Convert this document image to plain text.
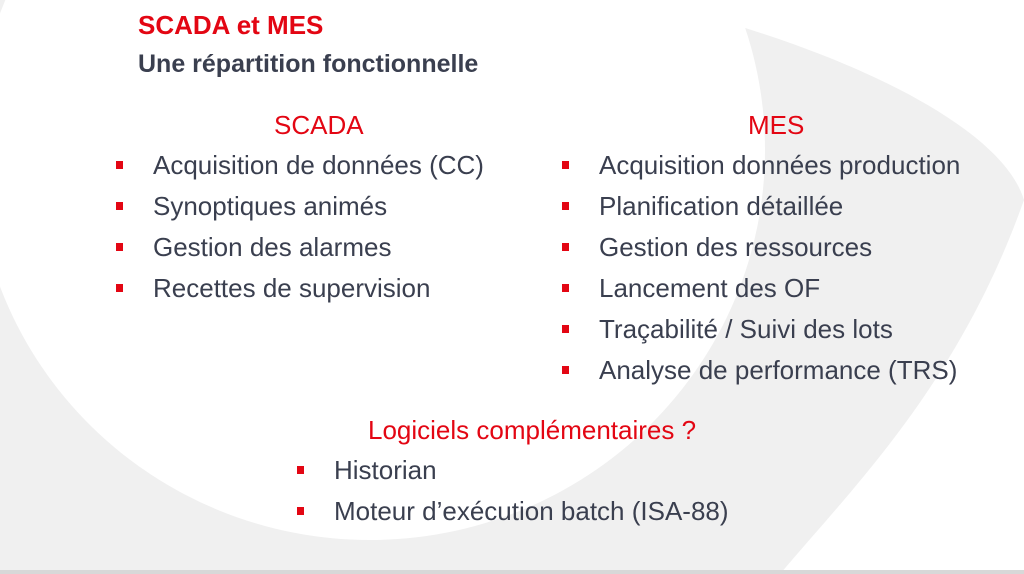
SCADA et MES
Une répartition fonctionnelle
SCADA
Acquisition de données (CC)
Synoptiques animés
Gestion des alarmes
Recettes de supervision
MES
Acquisition données production
Planification détaillée
Gestion des ressources
Lancement des OF
Traçabilité / Suivi des lots
Analyse de performance (TRS)
Logiciels complémentaires ?
Historian
Moteur d’exécution batch (ISA-88)
